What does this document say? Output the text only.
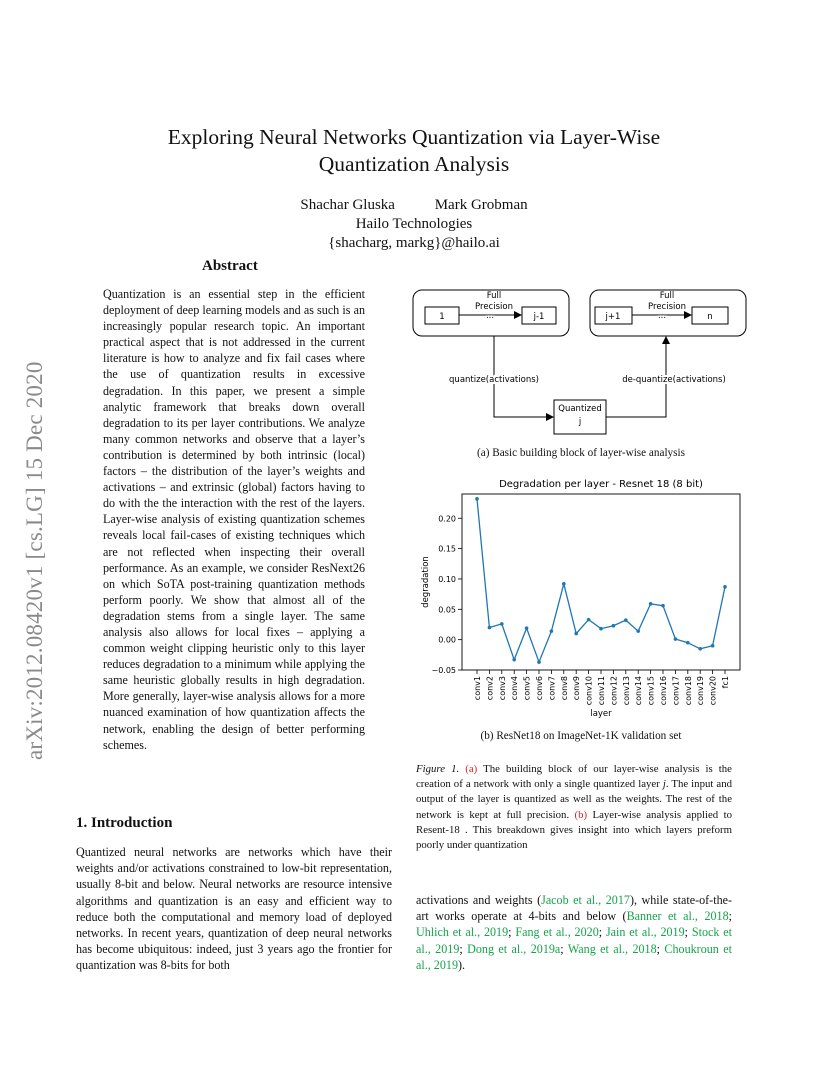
arXiv:2012.08420v1 [cs.LG] 15 Dec 2020
Exploring Neural Networks Quantization via Layer-Wise
Quantization Analysis
Shachar Gluska	Mark Grobman
Hailo Technologies
{shacharg, markg}@hailo.ai
Abstract
Quantization is an essential step in the efficient deployment of deep learning models and as such is an increasingly popular research topic. An important practical aspect that is not addressed in the current literature is how to analyze and fix fail cases where the use of quantization results in excessive degradation. In this paper, we present a simple analytic framework that breaks down overall degradation to its per layer contributions. We analyze many common networks and observe that a layer’s contribution is determined by both intrinsic (local) factors – the distribution of the layer’s weights and activations – and extrinsic (global) factors having to do with the the interaction with the rest of the layers. Layer-wise analysis of existing quantization schemes reveals local fail-cases of existing techniques which are not reflected when inspecting their overall performance. As an example, we consider ResNext26 on which SoTA post-training quantization methods perform poorly. We show that almost all of the degradation stems from a single layer. The same analysis also allows for local fixes – applying a common weight clipping heuristic only to this layer reduces degradation to a minimum while applying the same heuristic globally results in high degradation. More generally, layer-wise analysis allows for a more nuanced examination of how quantization affects the network, enabling the design of better performing schemes.
1. Introduction
Quantized neural networks are networks which have their weights and/or activations constrained to low-bit representation, usually 8-bit and below. Neural networks are resource intensive algorithms and quantization is an easy and efficient way to reduce both the computational and memory load of deployed networks. In recent years, quantization of deep neural networks has become ubiquitous: indeed, just 3 years ago the frontier for quantization was 8-bits for both
Full
Precision
1	j-1
...
Full
Precision
j+1	n
...
Quantized
j
quantize(activations)	de-quantize(activations)
(a) Basic building block of layer-wise analysis
Degradation per layer - Resnet 18 (8 bit)
0.20
0.15
0.10
0.05
0.00
−0.05
conv1 conv2 conv3 conv4 conv5 conv6 conv7 conv8 conv9 conv10 conv11 conv12 conv13 conv14 conv15 conv16 conv17 conv18 conv19 conv20 fc1
degradation
layer
(b) ResNet18 on ImageNet-1K validation set
Figure 1. (a) The building block of our layer-wise analysis is the creation of a network with only a single quantized layer j. The input and output of the layer is quantized as well as the weights. The rest of the network is kept at full precision. (b) Layer-wise analysis applied to Resent-18 . This breakdown gives insight into which layers preform poorly under quantization
activations and weights (Jacob et al., 2017), while state-of-the-art works operate at 4-bits and below (Banner et al., 2018; Uhlich et al., 2019; Fang et al., 2020; Jain et al., 2019; Stock et al., 2019; Dong et al., 2019a; Wang et al., 2018; Choukroun et al., 2019).
